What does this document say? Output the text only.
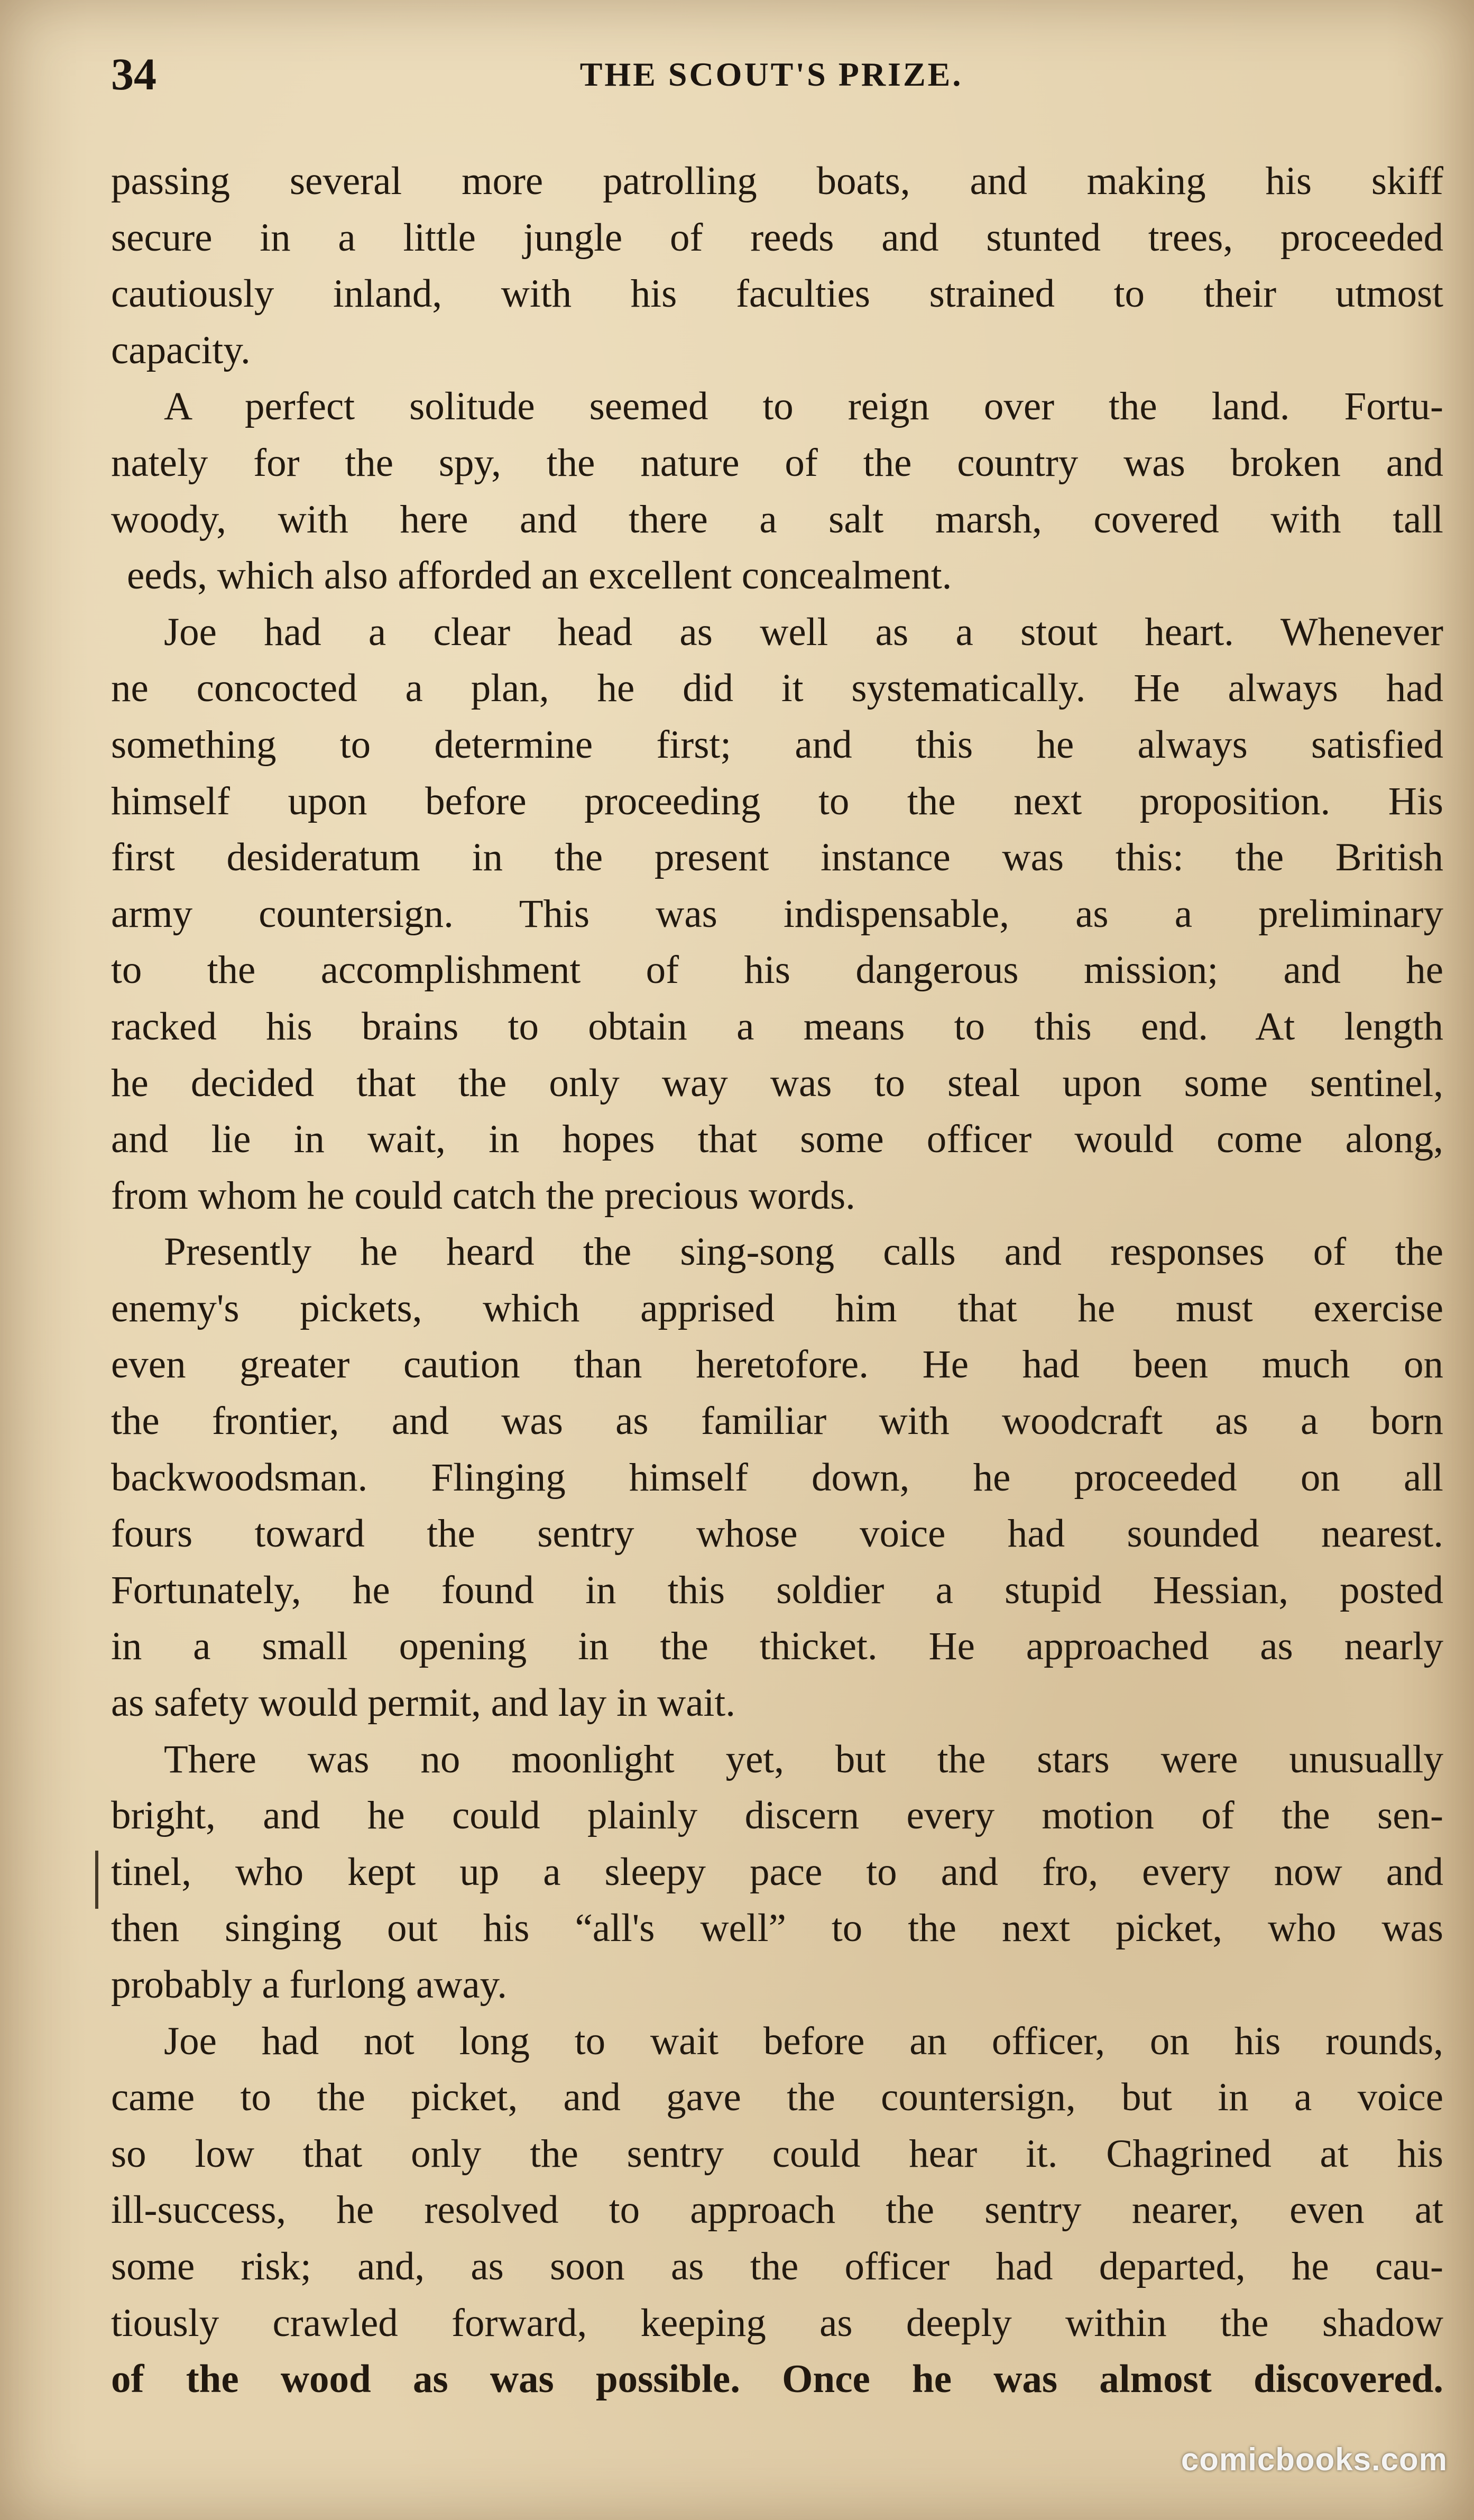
34	THE SCOUT'S PRIZE.
passing several more patrolling boats, and making his skiff
secure in a little jungle of reeds and stunted trees, proceeded
cautiously inland, with his faculties strained to their utmost
capacity.
A perfect solitude seemed to reign over the land. Fortu-
nately for the spy, the nature of the country was broken and
woody, with here and there a salt marsh, covered with tall
eeds, which also afforded an excellent concealment.
Joe had a clear head as well as a stout heart. Whenever
ne concocted a plan, he did it systematically. He always had
something to determine first; and this he always satisfied
himself upon before proceeding to the next proposition. His
first desideratum in the present instance was this: the British
army countersign. This was indispensable, as a preliminary
to the accomplishment of his dangerous mission; and he
racked his brains to obtain a means to this end. At length
he decided that the only way was to steal upon some sentinel,
and lie in wait, in hopes that some officer would come along,
from whom he could catch the precious words.
Presently he heard the sing-song calls and responses of the
enemy's pickets, which apprised him that he must exercise
even greater caution than heretofore. He had been much on
the frontier, and was as familiar with woodcraft as a born
backwoodsman. Flinging himself down, he proceeded on all
fours toward the sentry whose voice had sounded nearest.
Fortunately, he found in this soldier a stupid Hessian, posted
in a small opening in the thicket. He approached as nearly
as safety would permit, and lay in wait.
There was no moonlight yet, but the stars were unusually
bright, and he could plainly discern every motion of the sen-
tinel, who kept up a sleepy pace to and fro, every now and
then singing out his “all's well” to the next picket, who was
probably a furlong away.
Joe had not long to wait before an officer, on his rounds,
came to the picket, and gave the countersign, but in a voice
so low that only the sentry could hear it. Chagrined at his
ill-success, he resolved to approach the sentry nearer, even at
some risk; and, as soon as the officer had departed, he cau-
tiously crawled forward, keeping as deeply within the shadow
of the wood as was possible. Once he was almost discovered.
comicbooks.com
